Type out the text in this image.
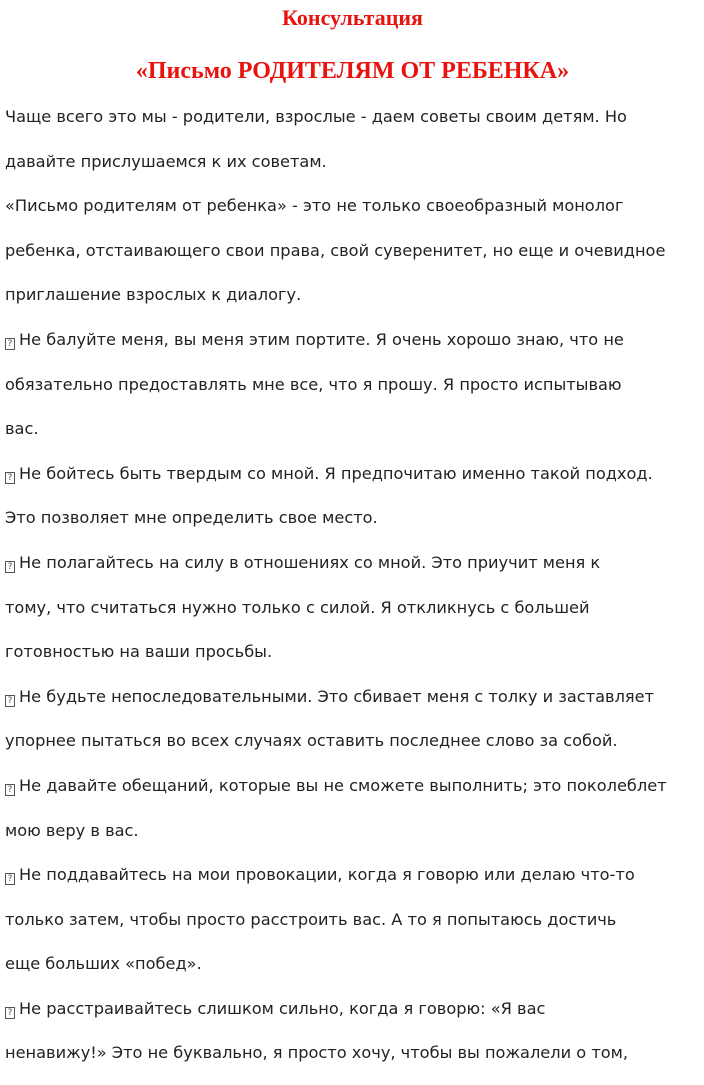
Консультация
«Письмо РОДИТЕЛЯМ ОТ РЕБЕНКА»
Чаще всего это мы - родители, взрослые - даем советы своим детям. Но
давайте прислушаемся к их советам.
«Письмо родителям от ребенка» - это не только своеобразный монолог
ребенка, отстаивающего свои права, свой суверенитет, но еще и очевидное
приглашение взрослых к диалогу.
? Не балуйте меня, вы меня этим портите. Я очень хорошо знаю, что не
обязательно предоставлять мне все, что я прошу. Я просто испытываю
вас.
? Не бойтесь быть твердым со мной. Я предпочитаю именно такой подход.
Это позволяет мне определить свое место.
? Не полагайтесь на силу в отношениях со мной. Это приучит меня к
тому, что считаться нужно только с силой. Я откликнусь с большей
готовностью на ваши просьбы.
? Не будьте непоследовательными. Это сбивает меня с толку и заставляет
упорнее пытаться во всех случаях оставить последнее слово за собой.
? Не давайте обещаний, которые вы не сможете выполнить; это поколеблет
мою веру в вас.
? Не поддавайтесь на мои провокации, когда я говорю или делаю что-то
только затем, чтобы просто расстроить вас. А то я попытаюсь достичь
еще больших «побед».
? Не расстраивайтесь слишком сильно, когда я говорю: «Я вас
ненавижу!» Это не буквально, я просто хочу, чтобы вы пожалели о том,
